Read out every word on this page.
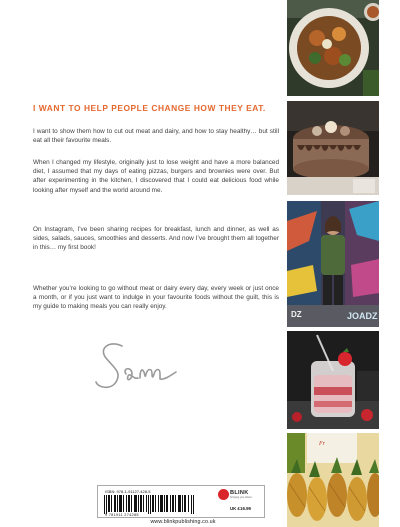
I WANT TO HELP PEOPLE CHANGE HOW THEY EAT.

I want to show them how to cut out meat and dairy, and how to stay healthy… but still eat all their favourite meals.

When I changed my lifestyle, originally just to lose weight and have a more balanced diet, I assumed that my days of eating pizzas, burgers and brownies were over. But after experimenting in the kitchen, I discovered that I could eat delicious food while looking after myself and the world around me.

On Instagram, I’ve been sharing recipes for breakfast, lunch and dinner, as well as sides, salads, sauces, smoothies and desserts. And now I’ve brought them all together in this… my first book!

Whether you’re looking to go without meat or dairy every day, every week or just once a month, or if you just want to indulge in your favourite foods without the guilt, this is my guide to making meals you can really enjoy.

ISBN: 978-1-91127-428-5
9 781911 274285
BLINK
bringing you closer
UK £16.99
www.blinkpublishing.co.uk
JOADZ
DZ
Fr
